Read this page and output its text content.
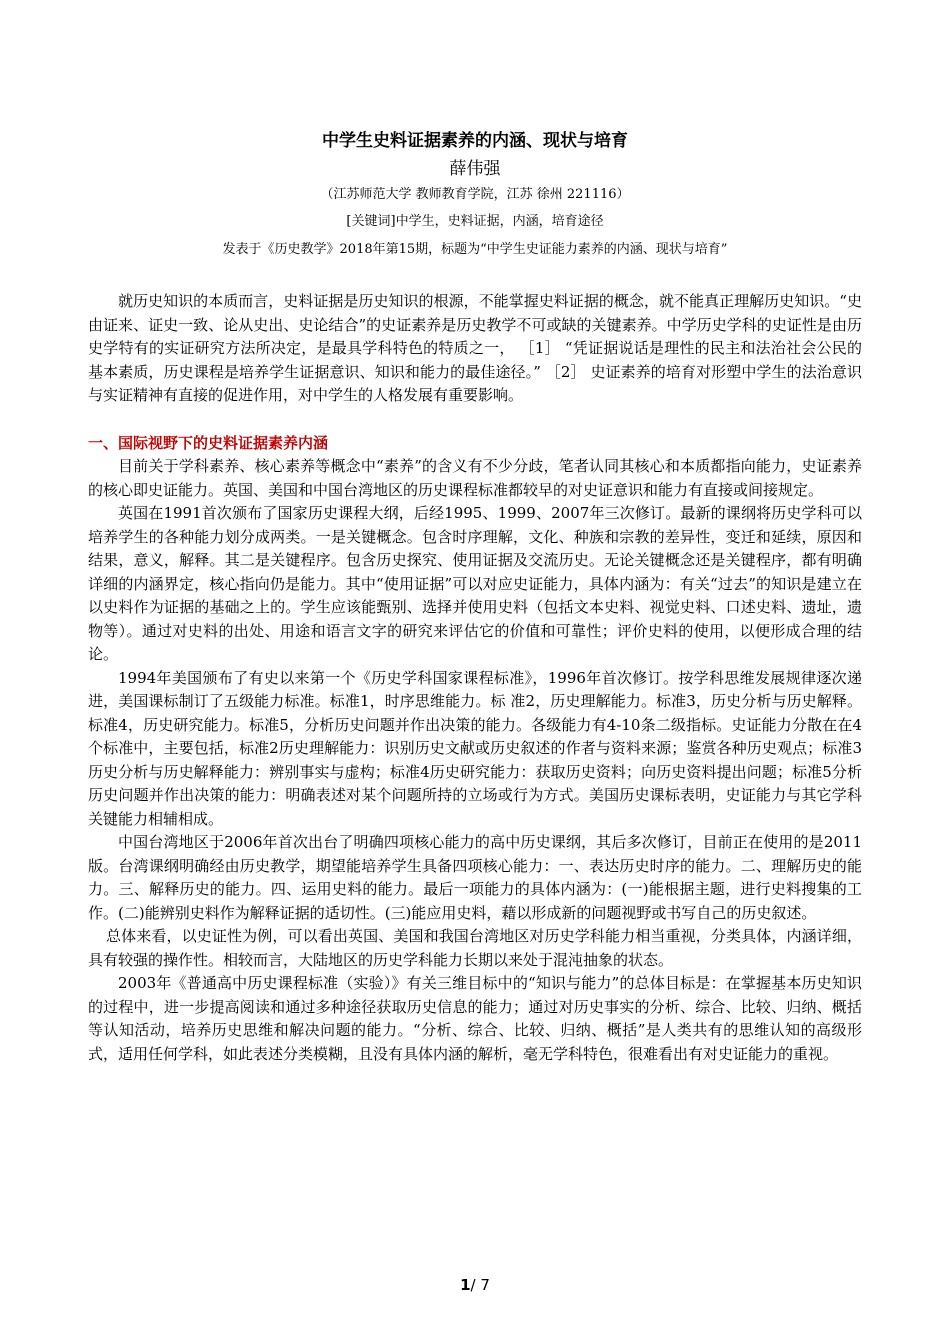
中学生史料证据素养的内涵、现状与培育
薛伟强
（江苏师范大学 教师教育学院，江苏 徐州 221116）
[关键词]中学生，史料证据，内涵，培育途径
发表于《历史教学》2018年第15期，标题为“中学生史证能力素养的内涵、现状与培育”

就历史知识的本质而言，史料证据是历史知识的根源，不能掌握史料证据的概念，就不能真正理解历史知识。“史由证来、证史一致、论从史出、史论结合”的史证素养是历史教学不可或缺的关键素养。中学历史学科的史证性是由历史学特有的实证研究方法所决定，是最具学科特色的特质之一， ［1］ “凭证据说话是理性的民主和法治社会公民的基本素质，历史课程是培养学生证据意识、知识和能力的最佳途径。” ［2］ 史证素养的培育对形塑中学生的法治意识与实证精神有直接的促进作用，对中学生的人格发展有重要影响。

一、国际视野下的史料证据素养内涵

目前关于学科素养、核心素养等概念中“素养”的含义有不少分歧，笔者认同其核心和本质都指向能力，史证素养的核心即史证能力。英国、美国和中国台湾地区的历史课程标准都较早的对史证意识和能力有直接或间接规定。

英国在1991首次颁布了国家历史课程大纲，后经1995、1999、2007年三次修订。最新的课纲将历史学科可以培养学生的各种能力划分成两类。一是关键概念。包含时序理解，文化、种族和宗教的差异性，变迁和延续，原因和结果，意义，解释。其二是关键程序。包含历史探究、使用证据及交流历史。无论关键概念还是关键程序，都有明确详细的内涵界定，核心指向仍是能力。其中“使用证据”可以对应史证能力，具体内涵为：有关“过去”的知识是建立在以史料作为证据的基础之上的。学生应该能甄别、选择并使用史料（包括文本史料、视觉史料、口述史料、遗址，遗物等）。通过对史料的出处、用途和语言文字的研究来评估它的价值和可靠性；评价史料的使用，以便形成合理的结论。

1994年美国颁布了有史以来第一个《历史学科国家课程标准》，1996年首次修订。按学科思维发展规律逐次递进，美国课标制订了五级能力标准。标准1，时序思维能力。标 准2，历史理解能力。标准3，历史分析与历史解释。标准4，历史研究能力。标准5，分析历史问题并作出决策的能力。各级能力有4-10条二级指标。史证能力分散在在4个标准中，主要包括，标准2历史理解能力：识别历史文献或历史叙述的作者与资料来源；鉴赏各种历史观点；标准3历史分析与历史解释能力：辨别事实与虚构；标准4历史研究能力：获取历史资料；向历史资料提出问题；标准5分析历史问题并作出决策的能力：明确表述对某个问题所持的立场或行为方式。美国历史课标表明，史证能力与其它学科关键能力相辅相成。

中国台湾地区于2006年首次出台了明确四项核心能力的高中历史课纲，其后多次修订，目前正在使用的是2011版。台湾课纲明确经由历史教学，期望能培养学生具备四项核心能力：一、表达历史时序的能力。二、理解历史的能力。三、解释历史的能力。四、运用史料的能力。最后一项能力的具体内涵为：(一)能根据主题，进行史料搜集的工作。(二)能辨别史料作为解释证据的适切性。(三)能应用史料，藉以形成新的问题视野或书写自己的历史叙述。

总体来看，以史证性为例，可以看出英国、美国和我国台湾地区对历史学科能力相当重视，分类具体，内涵详细，具有较强的操作性。相较而言，大陆地区的历史学科能力长期以来处于混沌抽象的状态。

2003年《普通高中历史课程标准（实验）》有关三维目标中的“知识与能力”的总体目标是：在掌握基本历史知识的过程中，进一步提高阅读和通过多种途径获取历史信息的能力；通过对历史事实的分析、综合、比较、归纳、概括等认知活动，培养历史思维和解决问题的能力。“分析、综合、比较、归纳、概括”是人类共有的思维认知的高级形式，适用任何学科，如此表述分类模糊，且没有具体内涵的解析，毫无学科特色，很难看出有对史证能力的重视。

1/ 7
